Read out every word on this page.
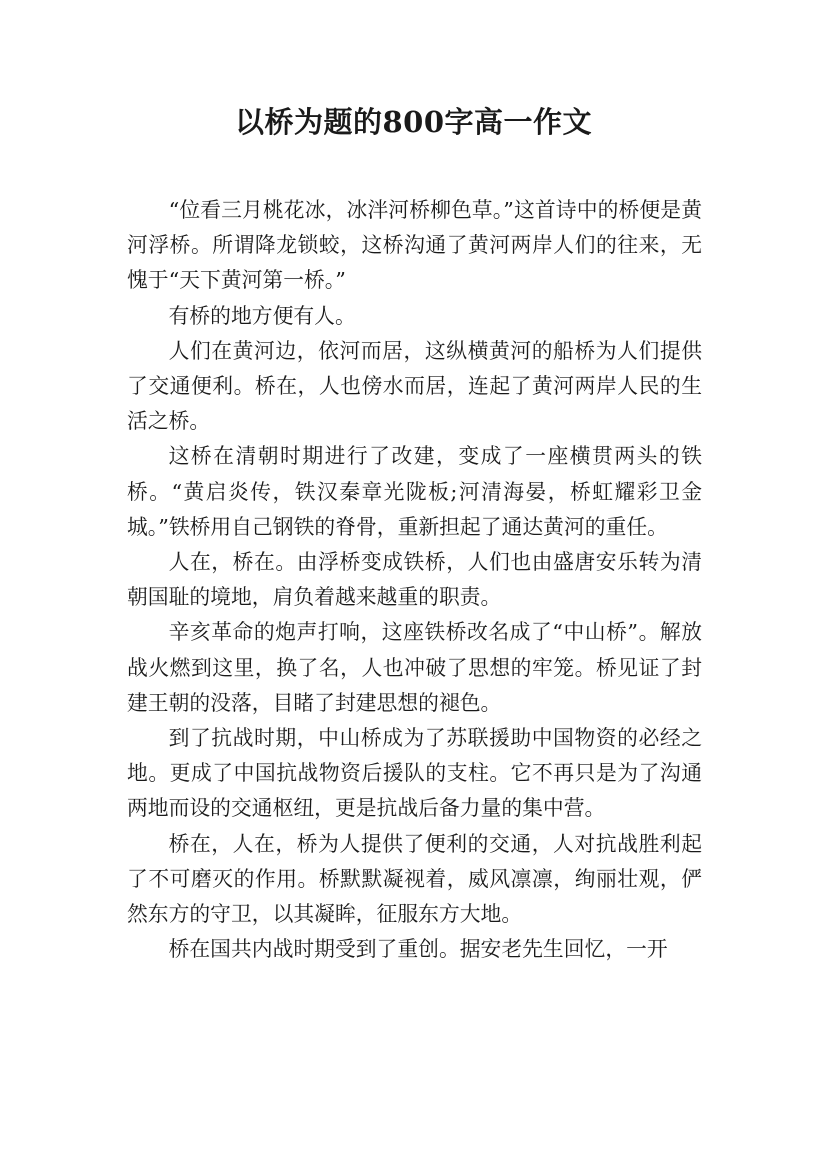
以桥为题的800字高一作文

“位看三月桃花冰，冰泮河桥柳色草。”这首诗中的桥便是黄河浮桥。所谓降龙锁蛟，这桥沟通了黄河两岸人们的往来，无愧于“天下黄河第一桥。”

有桥的地方便有人。

人们在黄河边，依河而居，这纵横黄河的船桥为人们提供了交通便利。桥在，人也傍水而居，连起了黄河两岸人民的生活之桥。

这桥在清朝时期进行了改建，变成了一座横贯两头的铁桥。“黄启炎传，铁汉秦章光陇板;河清海晏，桥虹耀彩卫金城。”铁桥用自己钢铁的脊骨，重新担起了通达黄河的重任。

人在，桥在。由浮桥变成铁桥，人们也由盛唐安乐转为清朝国耻的境地，肩负着越来越重的职责。

辛亥革命的炮声打响，这座铁桥改名成了“中山桥”。解放战火燃到这里，换了名，人也冲破了思想的牢笼。桥见证了封建王朝的没落，目睹了封建思想的褪色。

到了抗战时期，中山桥成为了苏联援助中国物资的必经之地。更成了中国抗战物资后援队的支柱。它不再只是为了沟通两地而设的交通枢纽，更是抗战后备力量的集中营。

桥在，人在，桥为人提供了便利的交通，人对抗战胜利起了不可磨灭的作用。桥默默凝视着，威风凛凛，绚丽壮观，俨然东方的守卫，以其凝眸，征服东方大地。

桥在国共内战时期受到了重创。据安老先生回忆，一开
